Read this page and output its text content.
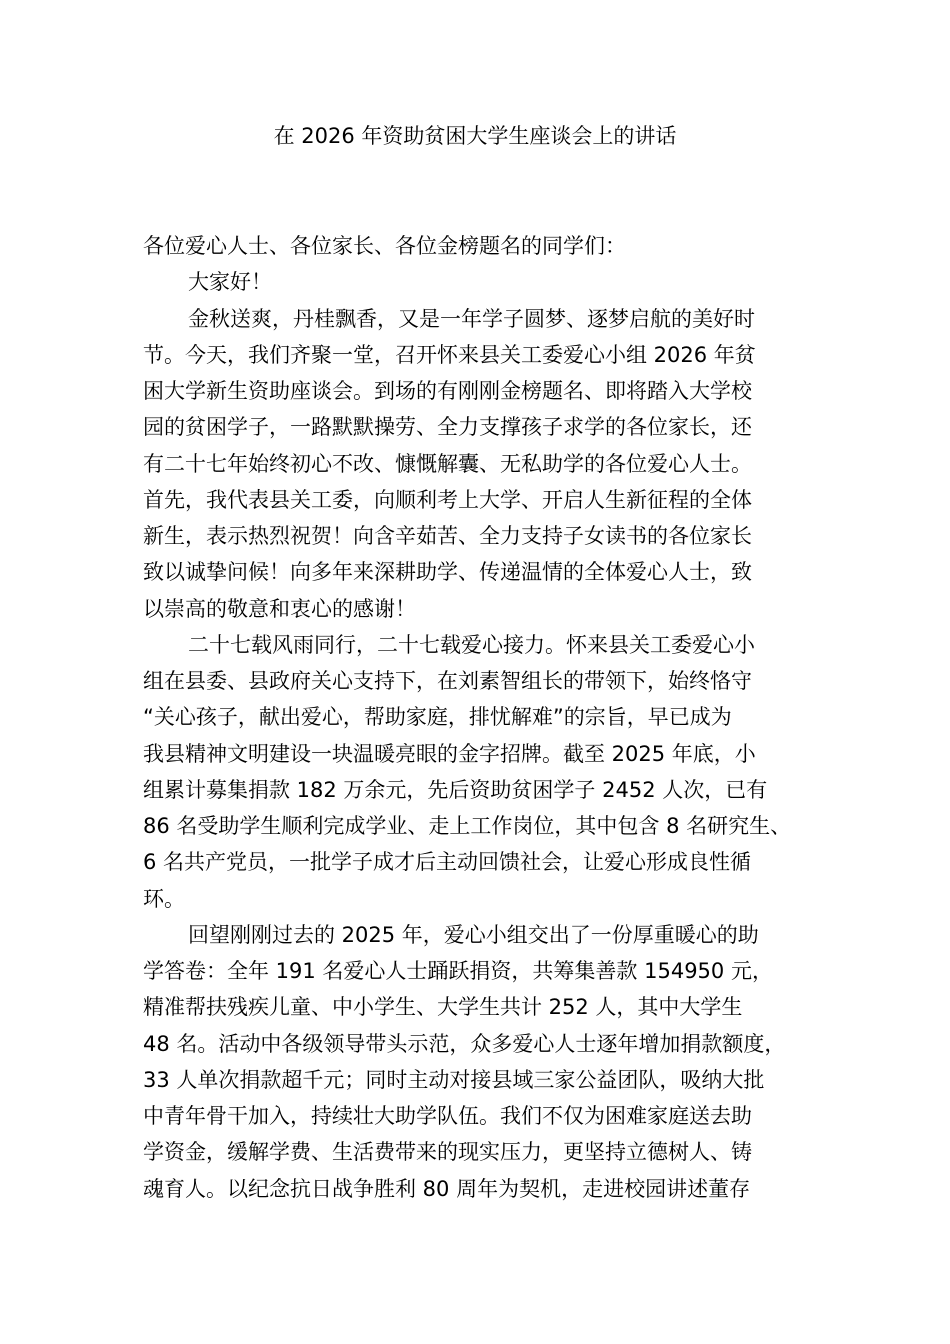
在 2026 年资助贫困大学生座谈会上的讲话
各位爱心人士、各位家长、各位金榜题名的同学们：
大家好！
金秋送爽，丹桂飘香，又是一年学子圆梦、逐梦启航的美好时
节。今天，我们齐聚一堂，召开怀来县关工委爱心小组 2026 年贫
困大学新生资助座谈会。到场的有刚刚金榜题名、即将踏入大学校
园的贫困学子，一路默默操劳、全力支撑孩子求学的各位家长，还
有二十七年始终初心不改、慷慨解囊、无私助学的各位爱心人士。
首先，我代表县关工委，向顺利考上大学、开启人生新征程的全体
新生，表示热烈祝贺！向含辛茹苦、全力支持子女读书的各位家长
致以诚挚问候！向多年来深耕助学、传递温情的全体爱心人士，致
以崇高的敬意和衷心的感谢！
二十七载风雨同行，二十七载爱心接力。怀来县关工委爱心小
组在县委、县政府关心支持下，在刘素智组长的带领下，始终恪守
“关心孩子，献出爱心，帮助家庭，排忧解难”的宗旨，早已成为
我县精神文明建设一块温暖亮眼的金字招牌。截至 2025 年底，小
组累计募集捐款 182 万余元，先后资助贫困学子 2452 人次，已有
86 名受助学生顺利完成学业、走上工作岗位，其中包含 8 名研究生、
6 名共产党员，一批学子成才后主动回馈社会，让爱心形成良性循
环。
回望刚刚过去的 2025 年，爱心小组交出了一份厚重暖心的助
学答卷：全年 191 名爱心人士踊跃捐资，共筹集善款 154950 元，
精准帮扶残疾儿童、中小学生、大学生共计 252 人，其中大学生
48 名。活动中各级领导带头示范，众多爱心人士逐年增加捐款额度，
33 人单次捐款超千元；同时主动对接县域三家公益团队，吸纳大批
中青年骨干加入，持续壮大助学队伍。我们不仅为困难家庭送去助
学资金，缓解学费、生活费带来的现实压力，更坚持立德树人、铸
魂育人。以纪念抗日战争胜利 80 周年为契机，走进校园讲述董存
